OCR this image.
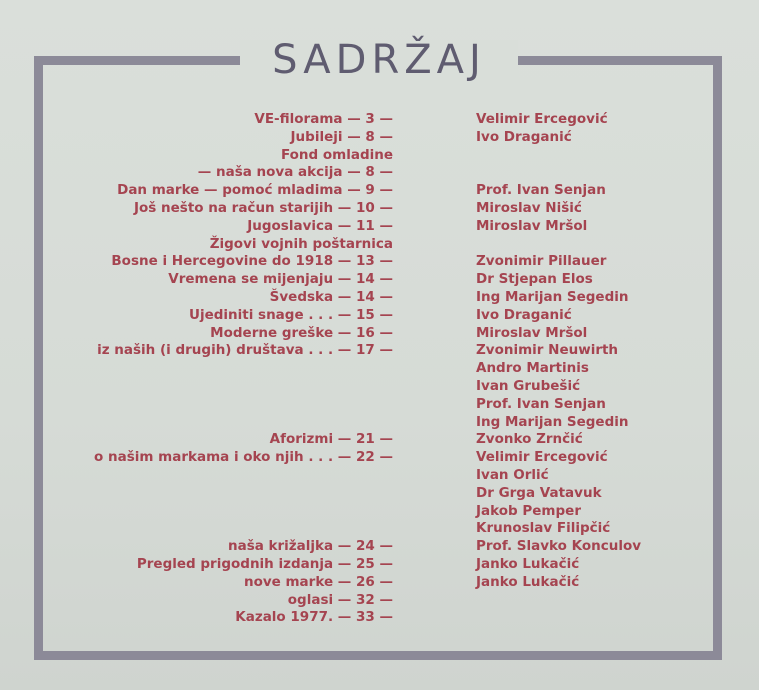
SADRŽAJ
VE-filorama — 3 —	Velimir Ercegović
Jubileji — 8 —	Ivo Draganić
Fond omladine
— naša nova akcija — 8 —
Dan marke — pomoć mladima — 9 —	Prof. Ivan Senjan
Još nešto na račun starijih — 10 —	Miroslav Nišić
Jugoslavica — 11 —	Miroslav Mršol
Žigovi vojnih poštarnica
Bosne i Hercegovine do 1918 — 13 —	Zvonimir Pillauer
Vremena se mijenjaju — 14 —	Dr Stjepan Elos
Švedska — 14 —	Ing Marijan Segedin
Ujediniti snage . . . — 15 —	Ivo Draganić
Moderne greške — 16 —	Miroslav Mršol
iz naših (i drugih) društava . . . — 17 —	Zvonimir Neuwirth
Andro Martinis
Ivan Grubešić
Prof. Ivan Senjan
Ing Marijan Segedin
Aforizmi — 21 —	Zvonko Zrnčić
o našim markama i oko njih . . . — 22 —	Velimir Ercegović
Ivan Orlić
Dr Grga Vatavuk
Jakob Pemper
Krunoslav Filipčić
naša križaljka — 24 —	Prof. Slavko Konculov
Pregled prigodnih izdanja — 25 —	Janko Lukačić
nove marke — 26 —	Janko Lukačić
oglasi — 32 —
Kazalo 1977. — 33 —
